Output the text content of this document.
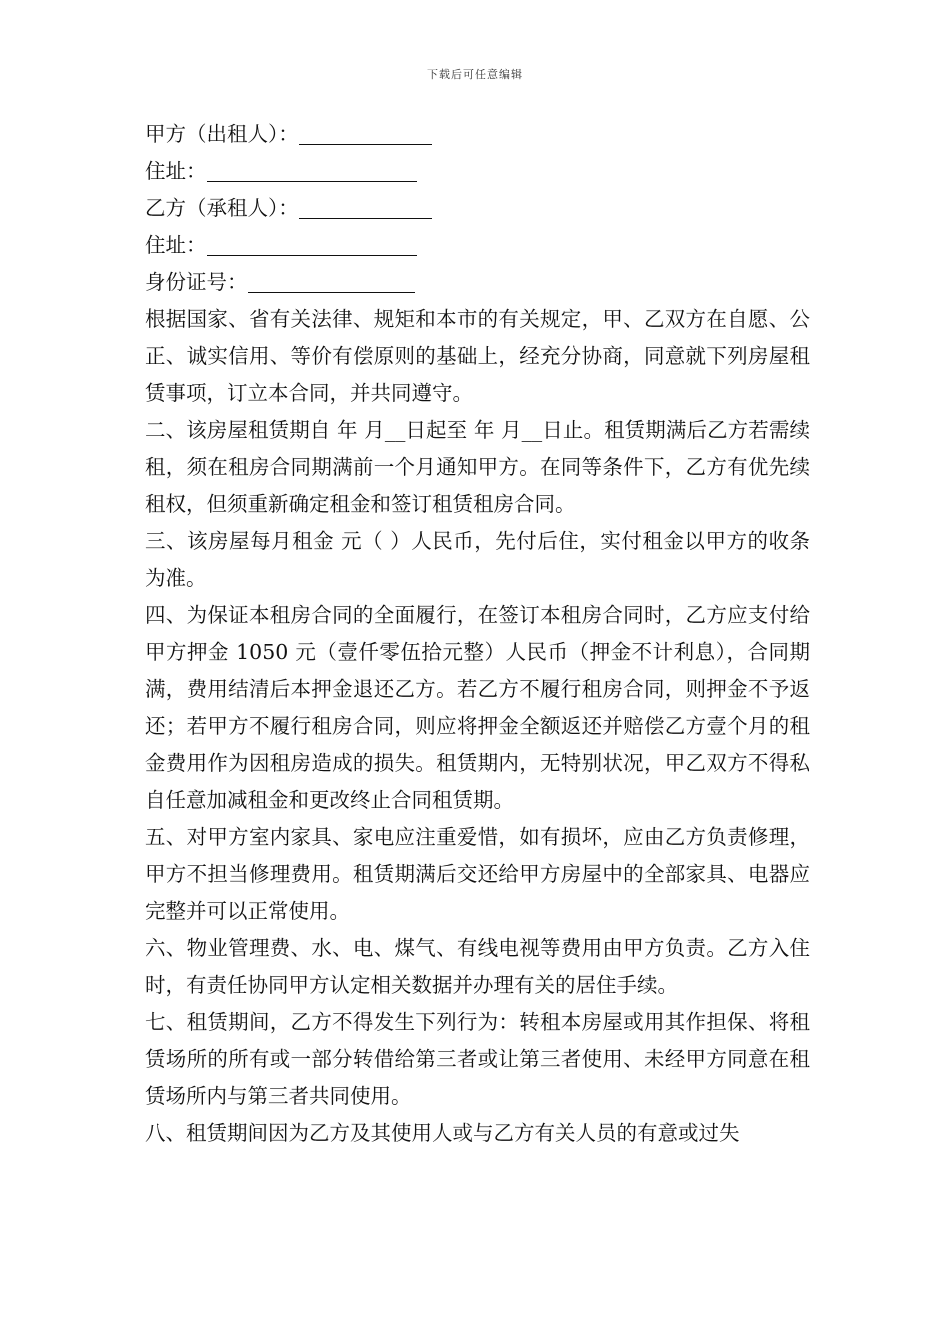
下载后可任意编辑
甲方（出租人）：
住址：
乙方（承租人）：
住址：
身份证号：
根据国家、省有关法律、规矩和本市的有关规定，甲、乙双方在自愿、公正、诚实信用、等价有偿原则的基础上，经充分协商，同意就下列房屋租赁事项，订立本合同，并共同遵守。
二、该房屋租赁期自 年 月__日起至 年 月__日止。租赁期满后乙方若需续租，须在租房合同期满前一个月通知甲方。在同等条件下，乙方有优先续租权，但须重新确定租金和签订租赁租房合同。
三、该房屋每月租金 元（ ）人民币，先付后住，实付租金以甲方的收条为准。
四、为保证本租房合同的全面履行，在签订本租房合同时，乙方应支付给甲方押金 1050 元（壹仟零伍拾元整）人民币（押金不计利息），合同期满，费用结清后本押金退还乙方。若乙方不履行租房合同，则押金不予返还；若甲方不履行租房合同，则应将押金全额返还并赔偿乙方壹个月的租金费用作为因租房造成的损失。租赁期内，无特别状况，甲乙双方不得私自任意加减租金和更改终止合同租赁期。
五、对甲方室内家具、家电应注重爱惜，如有损坏，应由乙方负责修理，甲方不担当修理费用。租赁期满后交还给甲方房屋中的全部家具、电器应完整并可以正常使用。
六、物业管理费、水、电、煤气、有线电视等费用由甲方负责。乙方入住时，有责任协同甲方认定相关数据并办理有关的居住手续。
七、租赁期间，乙方不得发生下列行为：转租本房屋或用其作担保、将租赁场所的所有或一部分转借给第三者或让第三者使用、未经甲方同意在租赁场所内与第三者共同使用。
八、租赁期间因为乙方及其使用人或与乙方有关人员的有意或过失
